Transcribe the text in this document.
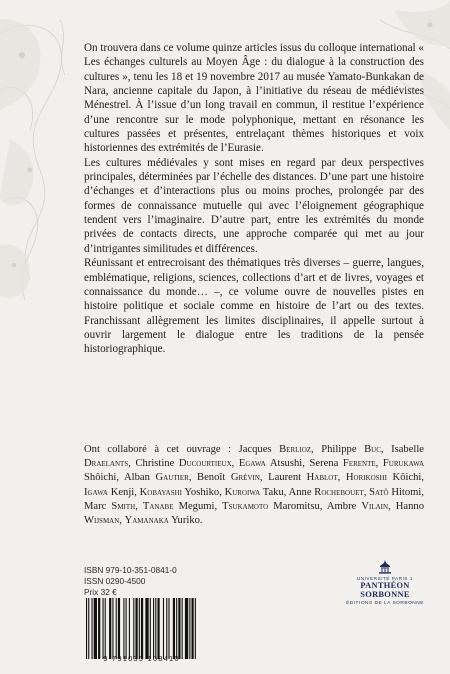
On trouvera dans ce volume quinze articles issus du colloque international « Les échanges culturels au Moyen Âge : du dialogue à la construction des cultures », tenu les 18 et 19 novembre 2017 au musée Yamato-Bunkakan de Nara, ancienne capitale du Japon, à l’initiative du réseau de médiévistes Ménestrel. À l’issue d’un long travail en commun, il restitue l’expérience d’une rencontre sur le mode polyphonique, mettant en résonance les cultures passées et présentes, entrelaçant thèmes historiques et voix historiennes des extrémités de l’Eurasie.

Les cultures médiévales y sont mises en regard par deux perspectives principales, déterminées par l’échelle des distances. D’une part une histoire d’échanges et d’interactions plus ou moins proches, prolongée par des formes de connaissance mutuelle qui avec l’éloignement géographique tendent vers l’imaginaire. D’autre part, entre les extrémités du monde privées de contacts directs, une approche comparée qui met au jour d’intrigantes similitudes et différences.

Réunissant et entrecroisant des thématiques très diverses – guerre, langues, emblématique, religions, sciences, collections d’art et de livres, voyages et connaissance du monde… –, ce volume ouvre de nouvelles pistes en histoire politique et sociale comme en histoire de l’art ou des textes. Franchissant allègrement les limites disciplinaires, il appelle surtout à ouvrir largement le dialogue entre les traditions de la pensée historiographique.

Ont collaboré à cet ouvrage : Jacques Berlioz, Philippe Buc, Isabelle Draelants, Christine Ducourtieux, Egawa Atsushi, Serena Ferente, Furukawa Shôichi, Alban Gautier, Benoît Grévin, Laurent Hablot, Horikoshi Kôichi, Igawa Kenji, Kobayashi Yoshiko, Kuroiwa Taku, Anne Rochebouet, Satô Hitomi, Marc Smith, Tanabe Megumi, Tsukamoto Maromitsu, Ambre Vilain, Hanno Wijsman, Yamanaka Yuriko.
ISBN 979-10-351-0841-0
ISSN 0290-4500
Prix 32 €
9 791035 108410
UNIVERSITÉ PARIS 1
PANTHÉON SORBONNE
ÉDITIONS DE LA SORBONNE
